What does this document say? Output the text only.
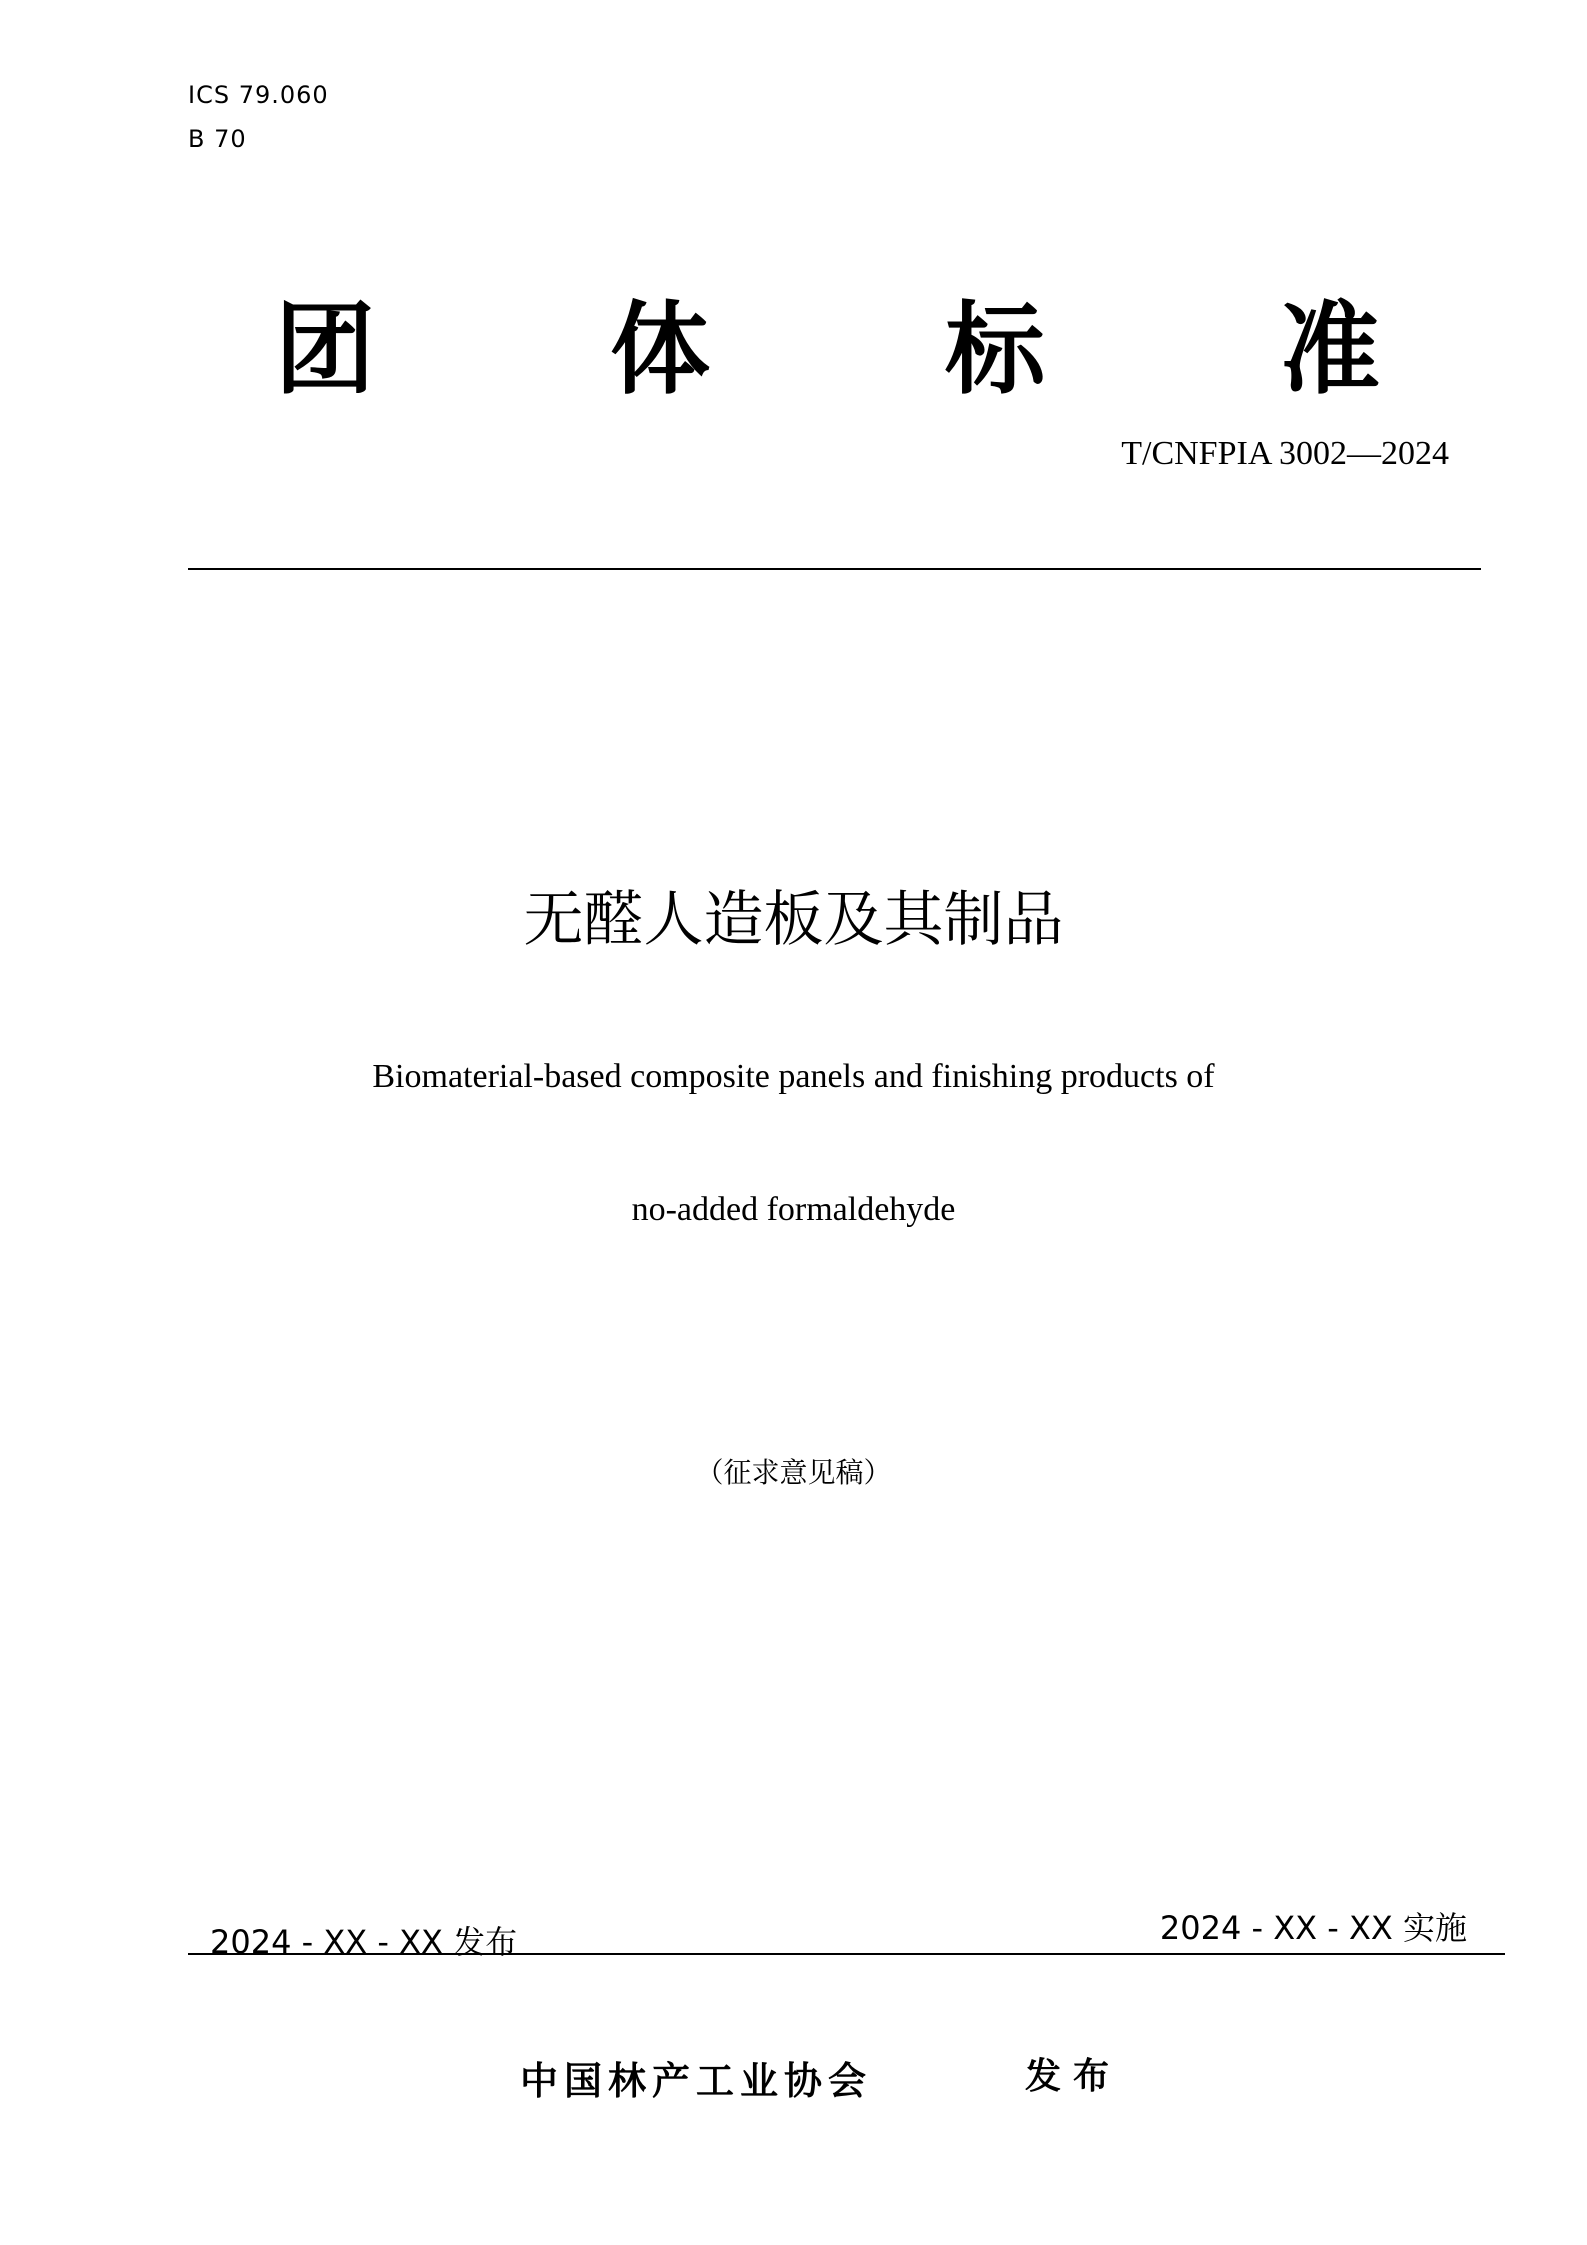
ICS 79.060
B 70
团 体 标 准
T/CNFPIA 3002—2024
无醛人造板及其制品
Biomaterial-based composite panels and finishing products of
no-added formaldehyde
（征求意见稿）
2024 - XX - XX 发布	2024 - XX - XX 实施
中国林产工业协会	发布
